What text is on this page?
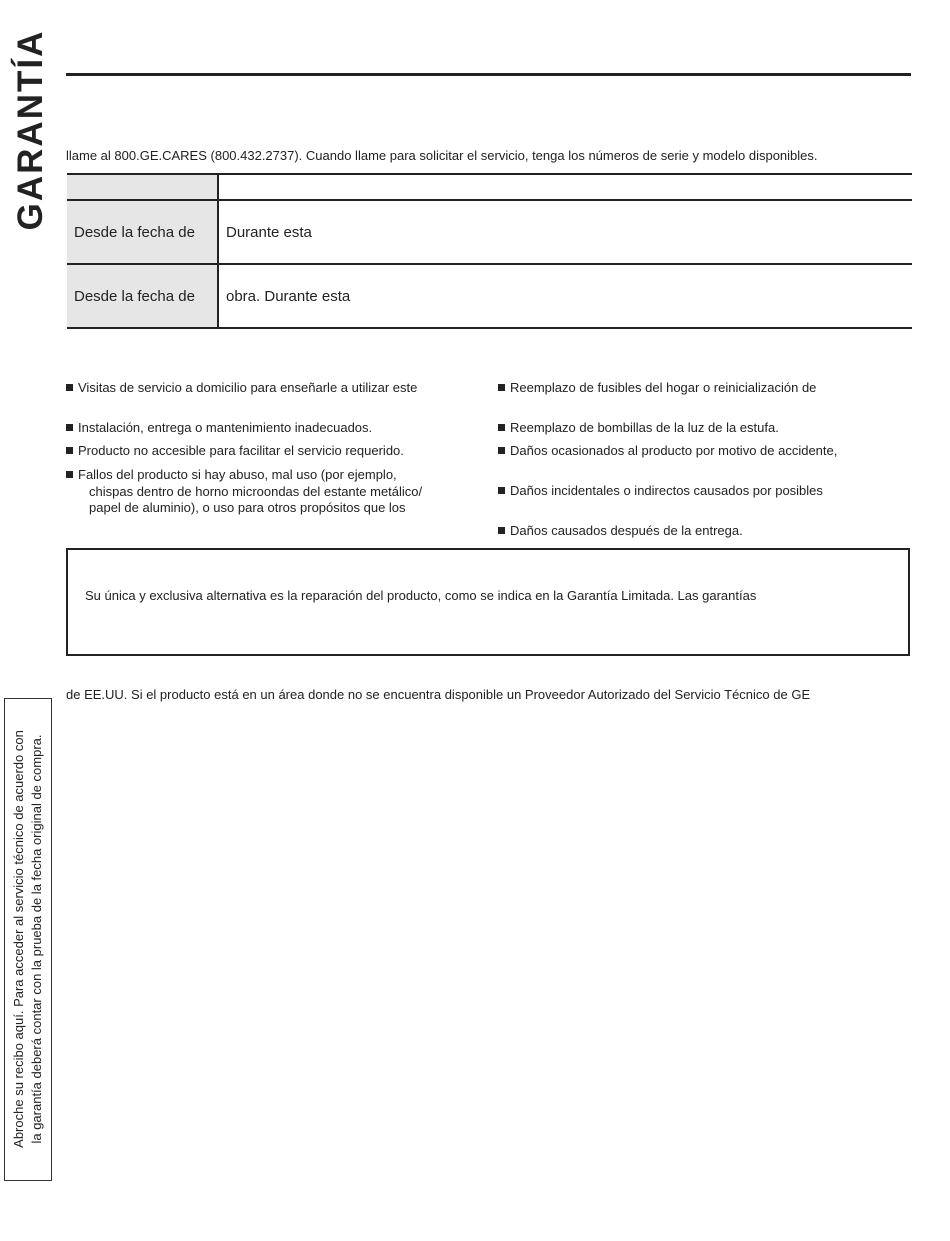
GARANTÍA llame al 800.GE.CARES (800.432.2737). Cuando llame para solicitar el servicio, tenga los números de serie y modelo disponibles.

Desde la fecha de	Durante esta
Desde la fecha de	obra. Durante esta
Visitas de servicio a domicilio para enseñarle a utilizar este
Instalación, entrega o mantenimiento inadecuados.
Producto no accesible para facilitar el servicio requerido.
Fallos del producto si hay abuso, mal uso (por ejemplo,
chispas dentro de horno microondas del estante metálico/
papel de aluminio), o uso para otros propósitos que los
Reemplazo de fusibles del hogar o reinicialización de
Reemplazo de bombillas de la luz de la estufa.
Daños ocasionados al producto por motivo de accidente,
Daños incidentales o indirectos causados por posibles
Daños causados después de la entrega.
Su única y exclusiva alternativa es la reparación del producto, como se indica en la Garantía Limitada. Las garantías
de EE.UU. Si el producto está en un área donde no se encuentra disponible un Proveedor Autorizado del Servicio Técnico de GE
Abroche su recibo aquí. Para acceder al servicio técnico de acuerdo con la garantía deberá contar con la prueba de la fecha original de compra.
